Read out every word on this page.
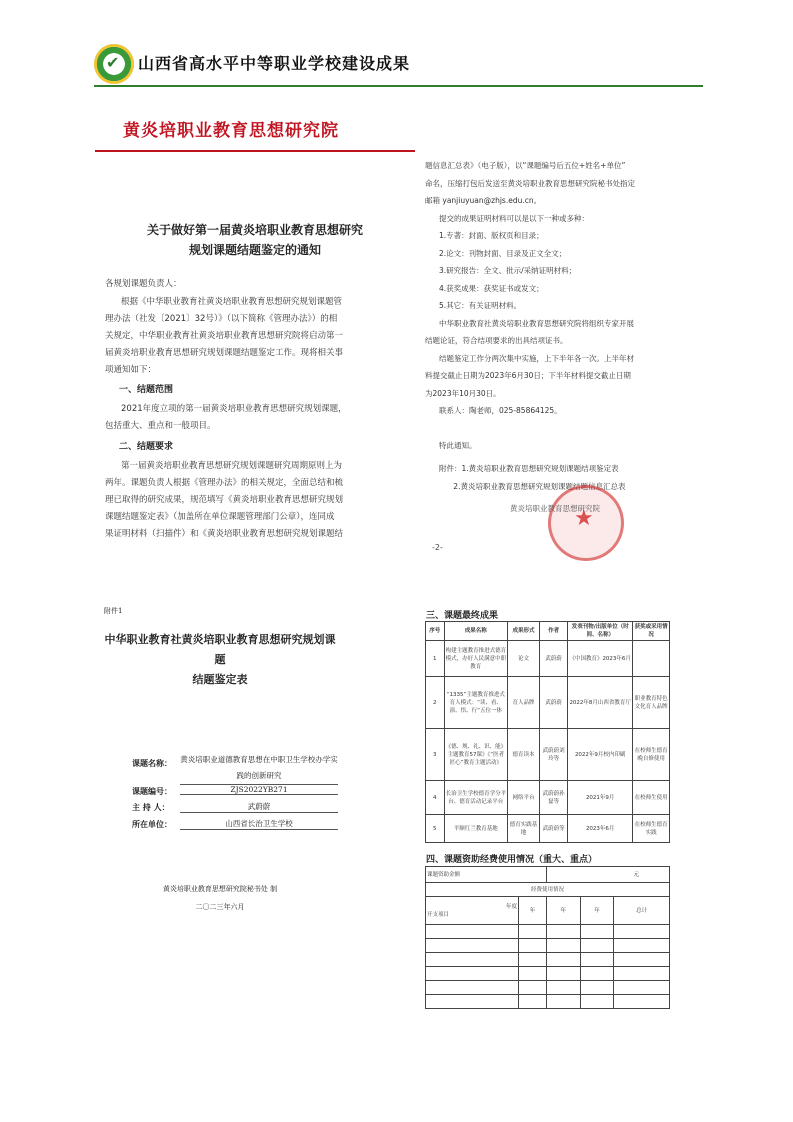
✔
山西省高水平中等职业学校建设成果
黄炎培职业教育思想研究院
关于做好第一届黄炎培职业教育思想研究
规划课题结题鉴定的通知
各规划课题负责人：
根据《中华职业教育社黄炎培职业教育思想研究规划课题管
理办法（社发〔2021〕32号）》（以下简称《管理办法》）的相
关规定，中华职业教育社黄炎培职业教育思想研究院将启动第一
届黄炎培职业教育思想研究规划课题结题鉴定工作。现将相关事
项通知如下：
一、结题范围
2021年度立项的第一届黄炎培职业教育思想研究规划课题，
包括重大、重点和一般项目。
二、结题要求
第一届黄炎培职业教育思想研究规划课题研究周期原则上为
两年。课题负责人根据《管理办法》的相关规定，全面总结和梳
理已取得的研究成果，规范填写《黄炎培职业教育思想研究规划
课题结题鉴定表》（加盖所在单位课题管理部门公章），连同成
果证明材料（扫描件）和《黄炎培职业教育思想研究规划课题结
题信息汇总表》（电子版），以“课题编号后五位+姓名+单位”
命名，压缩打包后发送至黄炎培职业教育思想研究院秘书处指定
邮箱 yanjiuyuan@zhjs.edu.cn。
提交的成果证明材料可以是以下一种或多种：
1.专著：封面、版权页和目录；
2.论文：刊物封面、目录及正文全文；
3.研究报告：全文、批示/采纳证明材料；
4.获奖成果：获奖证书或发文；
5.其它：有关证明材料。
中华职业教育社黄炎培职业教育思想研究院将组织专家开展
结题论证，符合结项要求的出具结项证书。
结题鉴定工作分两次集中实施，上下半年各一次。上半年材
料提交截止日期为2023年6月30日；下半年材料提交截止日期
为2023年10月30日。
联系人：陶老师，025-85864125。
特此通知。
附件：1.黄炎培职业教育思想研究规划课题结项鉴定表
2.黄炎培职业教育思想研究规划课题结题信息汇总表
★
黄炎培职业教育思想研究院
-2-
附件1
中华职业教育社黄炎培职业教育思想研究规划课题
结题鉴定表
课题名称： 黄炎培职业道德教育思想在中职卫生学校办学实践的创新研究
课题编号：	ZJS2022YB271
主 持 人：	武蔚蔚
所在单位：	山西省长治卫生学校
黄炎培职业教育思想研究院秘书处 制
二〇二三年六月
三、课题最终成果
序号	成果名称	成果形式	作者	发表刊物/出版单位（时间、名称）	获奖或采用情况
1	构建主题教育推进式德育模式，办好人民满意中职教育	论文	武蔚蔚	《中国教育》2023年6月	
2	“1335”主题教育推进式育人模式：“读、看、演、悟、行”五位一体	育人品牌	武蔚蔚	2022年8月山西省教育厅	职业教育特色文化育人品牌
3	《德、规、礼、识、能》主题教育57课》《“医者匠心”教育主题活动》	德育读本	武蔚蔚刘玲等	2022年9月校内印刷	在校师生德育晚自修使用
4	长治卫生学校德育学分平台、德育活动记录平台	网络平台	武蔚蔚孙磊等	2021年9月	在校师生使用
5	平顺红兰教育基地	德育实践基地	武蔚蔚等	2023年6月	在校师生德育实践
四、课题资助经费使用情况（重大、重点）
课题资助金额		元		
经费使用情况				

年度
开支项目	年	年	年	总计
